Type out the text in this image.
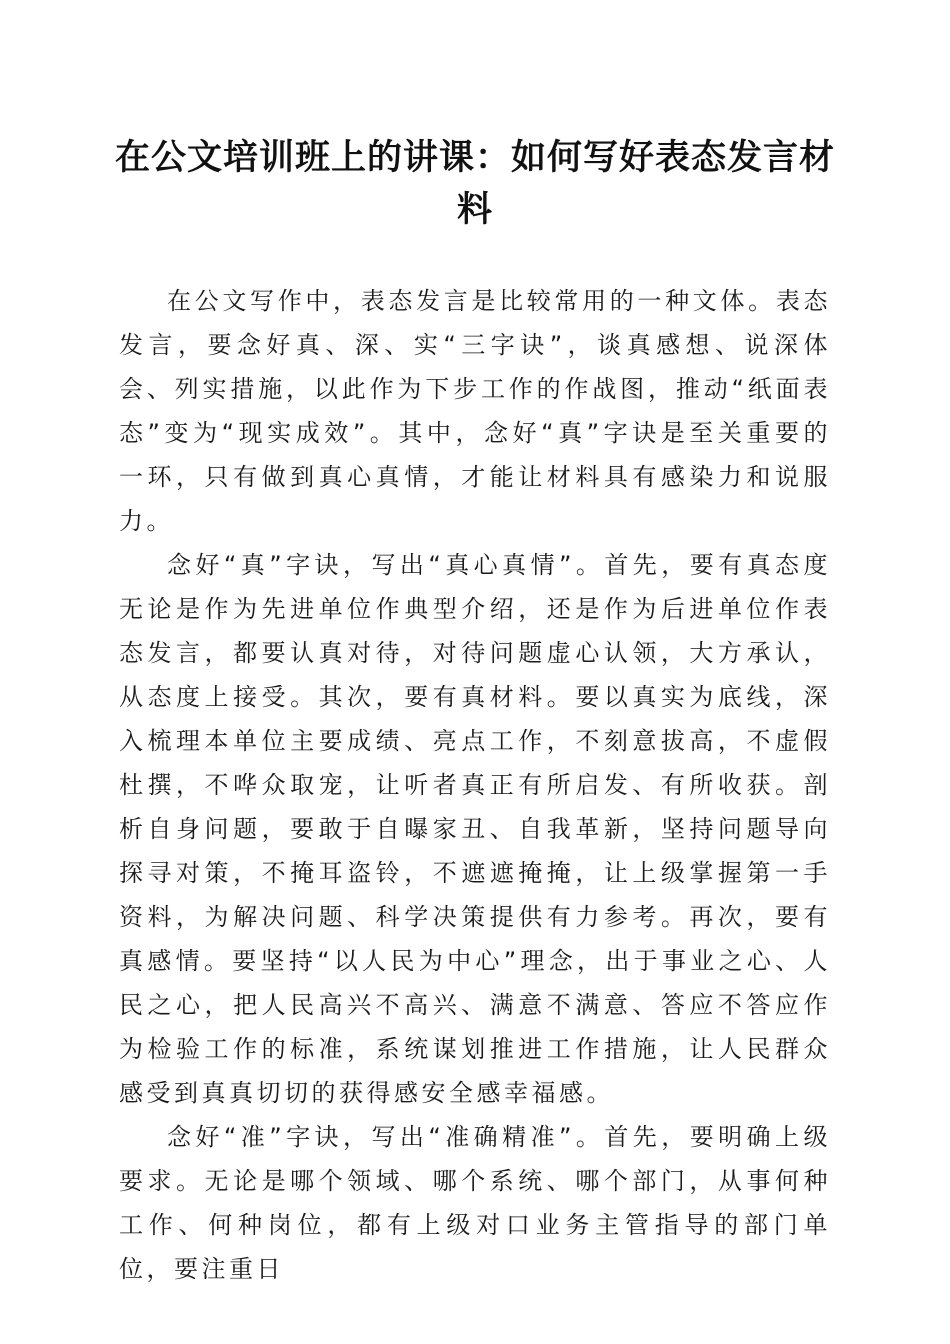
在公文培训班上的讲课：如何写好表态发言材料

在公文写作中，表态发言是比较常用的一种文体。表态发言，要念好真、深、实“三字诀”，谈真感想、说深体会、列实措施，以此作为下步工作的作战图，推动“纸面表态”变为“现实成效”。其中，念好“真”字诀是至关重要的一环，只有做到真心真情，才能让材料具有感染力和说服力。

念好“真”字诀，写出“真心真情”。首先，要有真态度无论是作为先进单位作典型介绍，还是作为后进单位作表态发言，都要认真对待，对待问题虚心认领，大方承认，从态度上接受。其次，要有真材料。要以真实为底线，深入梳理本单位主要成绩、亮点工作，不刻意拔高，不虚假杜撰，不哗众取宠，让听者真正有所启发、有所收获。剖析自身问题，要敢于自曝家丑、自我革新，坚持问题导向探寻对策，不掩耳盗铃，不遮遮掩掩，让上级掌握第一手资料，为解决问题、科学决策提供有力参考。再次，要有真感情。要坚持“以人民为中心”理念，出于事业之心、人民之心，把人民高兴不高兴、满意不满意、答应不答应作为检验工作的标准，系统谋划推进工作措施，让人民群众感受到真真切切的获得感安全感幸福感。

念好“准”字诀，写出“准确精准”。首先，要明确上级要求。无论是哪个领域、哪个系统、哪个部门，从事何种工作、何种岗位，都有上级对口业务主管指导的部门单位，要注重日
